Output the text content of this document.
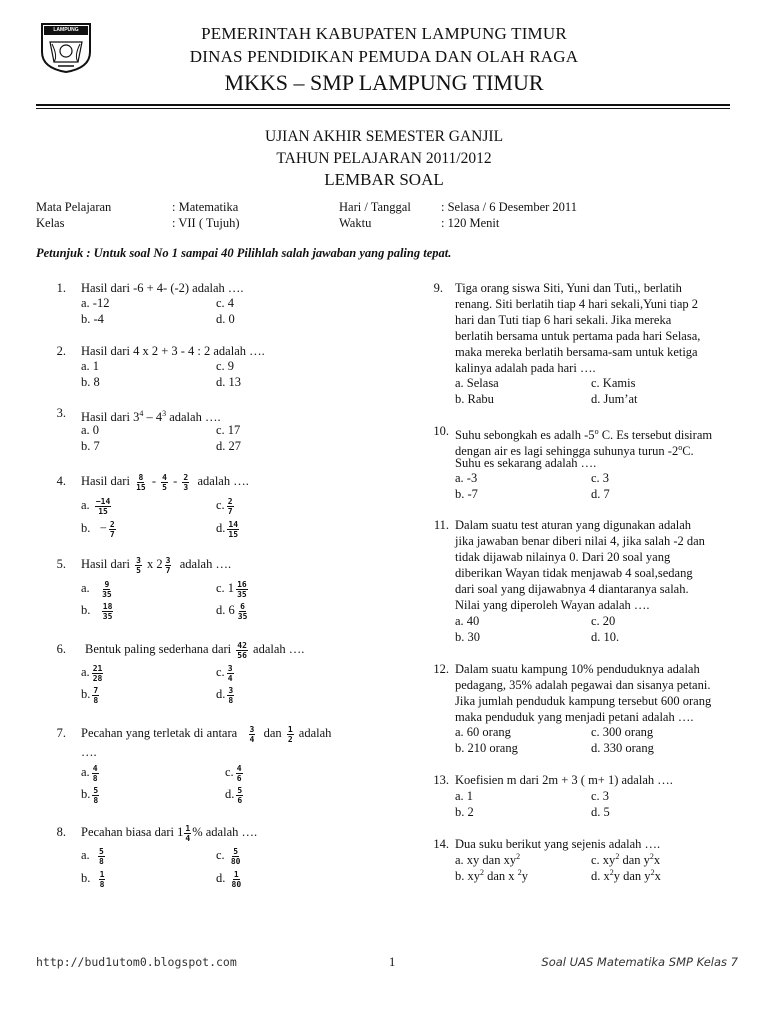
LAMPUNG TIMUR	PEMERINTAH KABUPATEN LAMPUNG TIMUR
DINAS PENDIDIKAN PEMUDA DAN OLAH RAGA
MKKS – SMP LAMPUNG TIMUR
UJIAN AKHIR SEMESTER GANJIL
TAHUN PELAJARAN 2011/2012
LEMBAR SOAL
Mata Pelajaran	: Matematika	Hari / Tanggal : Selasa / 6 Desember 2011
Kelas	: VII ( Tujuh)	Waktu	: 120 Menit
Petunjuk : Untuk soal No 1 sampai 40 Pilihlah salah jawaban yang paling tepat.
1. Hasil dari -6 + 4- (-2) adalah ….
a. -12	c. 4
b. -4	d. 0
2. Hasil dari 4 x 2 + 3 - 4 : 2 adalah ….
a. 1	c. 9
b. 8	d. 13
3. Hasil dari $3^4 - 4^3$ adalah ….
a. 0	c. 17
b. 7	d. 27
4. Hasil dari $\frac{8}{15} - \frac{4}{5} - \frac{2}{3}$ adalah ….
a. $\frac{-14}{15}$	c. $\frac{2}{7}$
b. − $\frac{2}{7}$	d. $\frac{14}{15}$
5. Hasil dari $\frac{3}{5}$ x $2 \frac{3}{7}$ adalah ….
a. $\frac{9}{35}$	c. $1 \frac{16}{35}$
b. $\frac{18}{35}$	d. $6 \frac{6}{35}$
6. Bentuk paling sederhana dari $\frac{42}{56}$ adalah ….
a. $\frac{21}{28}$	c. $\frac{3}{4}$
b. $\frac{7}{8}$	d. $\frac{3}{8}$
7. Pecahan yang terletak di antara $\frac{3}{4}$ dan $\frac{1}{2}$ adalah
….
a. $\frac{4}{8}$	c. $\frac{4}{6}$
b. $\frac{5}{8}$	d. $\frac{5}{6}$
8. Pecahan biasa dari $1 \frac{1}{4}$ % adalah ….
a. $\frac{5}{8}$	c. $\frac{5}{80}$
b. $\frac{1}{8}$	d. $\frac{1}{80}$
9. Tiga orang siswa Siti, Yuni dan Tuti,, berlatih
renang. Siti berlatih tiap 4 hari sekali,Yuni tiap 2
hari dan Tuti tiap 6 hari sekali. Jika mereka
berlatih bersama untuk pertama pada hari Selasa,
maka mereka berlatih bersama-sam untuk ketiga
kalinya adalah pada hari ….
a. Selasa	c. Kamis
b. Rabu	d. Jum’at
10. Suhu sebongkah es adalh -5$^o$ C. Es tersebut disiram
dengan air es lagi sehingga suhunya turun -2$^o$C.
Suhu es sekarang adalah ….
a. -3	c. 3
b. -7	d. 7
11. Dalam suatu test aturan yang digunakan adalah
jika jawaban benar diberi nilai 4, jika salah -2 dan
tidak dijawab nilainya 0. Dari 20 soal yang
diberikan Wayan tidak menjawab 4 soal,sedang
dari soal yang dijawabnya 4 diantaranya salah.
Nilai yang diperoleh Wayan adalah ….
a. 40	c. 20
b. 30	d. 10.
12. Dalam suatu kampung 10% penduduknya adalah
pedagang, 35% adalah pegawai dan sisanya petani.
Jika jumlah penduduk kampung tersebut 600 orang
maka penduduk yang menjadi petani adalah ….
a. 60 orang	c. 300 orang
b. 210 orang	d. 330 orang
13. Koefisien m dari 2m + 3 ( m+ 1) adalah ….
a. 1	c. 3
b. 2	d. 5
14. Dua suku berikut yang sejenis adalah ….
a. xy dan $xy^2$	c. $xy^2$ dan $y^2x$
b. $xy^2$ dan x $^2$y	d. $x^2y$ dan $y^2x$
http://bud1utom0.blogspot.com	1	Soal UAS Matematika SMP Kelas 7
